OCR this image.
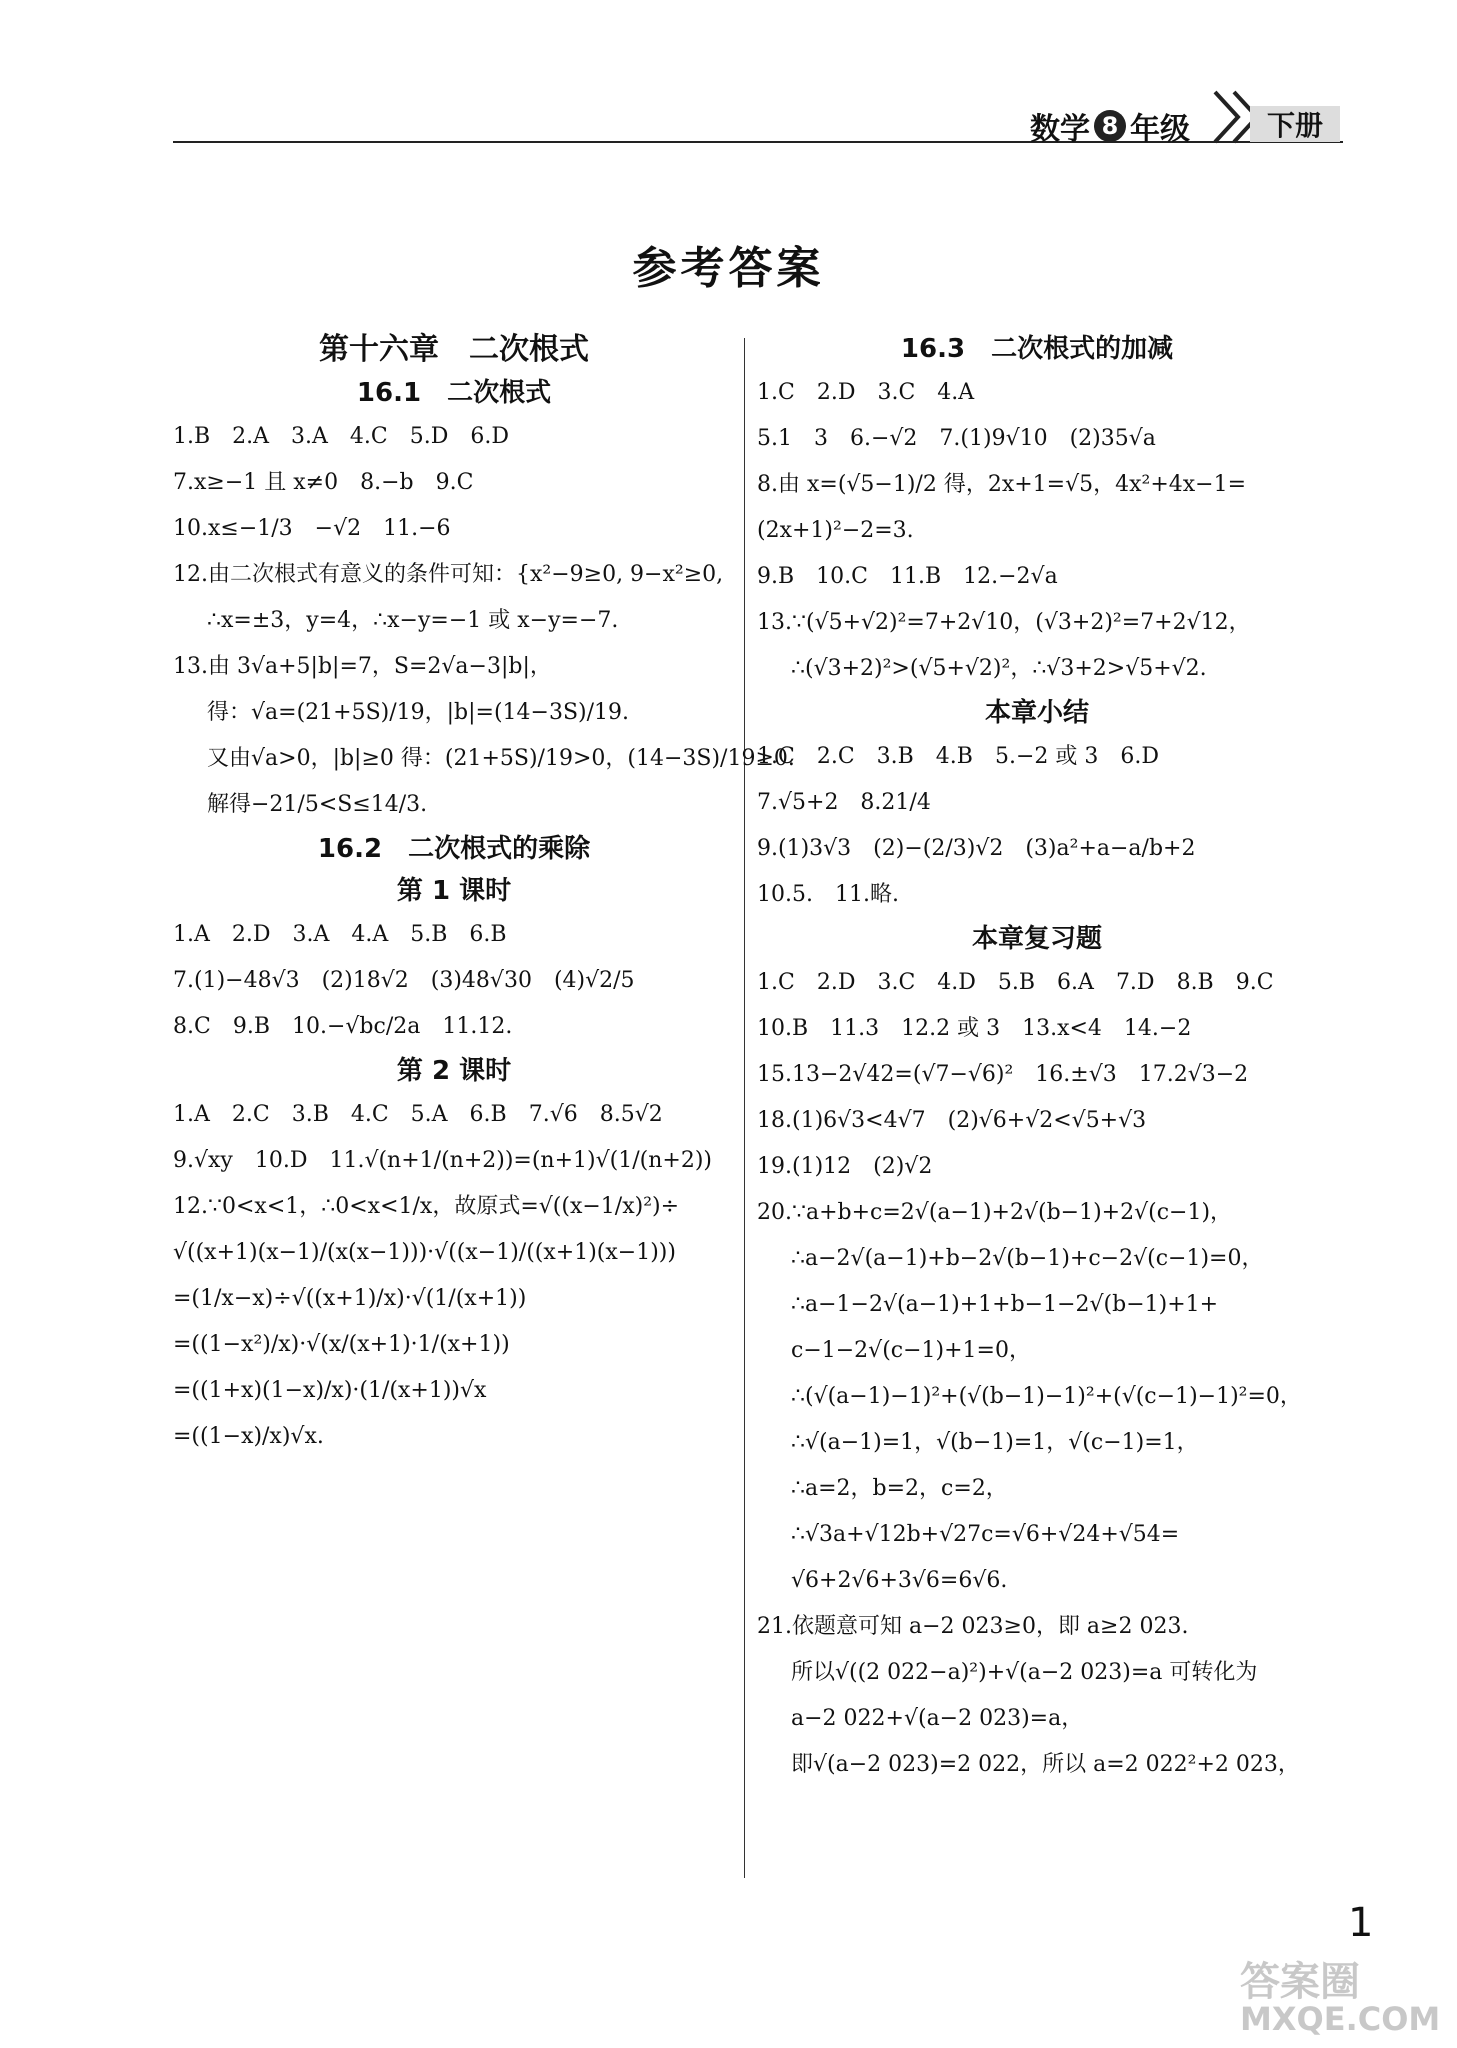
数学 8 年级	下册
参考答案
第十六章　二次根式
16.1　二次根式
1.B　2.A　3.A　4.C　5.D　6.D
7.x≥−1 且 x≠0　8.−b　9.C
10.x≤−1/3　−√2　11.−6
12.由二次根式有意义的条件可知：{x²−9≥0, 9−x²≥0,
∴x=±3，y=4，∴x−y=−1 或 x−y=−7.
13.由 3√a+5|b|=7，S=2√a−3|b|，
得：√a=(21+5S)/19，|b|=(14−3S)/19.
又由√a>0，|b|≥0 得：(21+5S)/19>0，(14−3S)/19≥0.
解得−21/5<S≤14/3.
16.2　二次根式的乘除
第 1 课时
1.A　2.D　3.A　4.A　5.B　6.B
7.(1)−48√3　(2)18√2　(3)48√30　(4)√2/5
8.C　9.B　10.−√bc/2a　11.12.
第 2 课时
1.A　2.C　3.B　4.C　5.A　6.B　7.√6　8.5√2
9.√xy　10.D　11.√(n+1/(n+2))=(n+1)√(1/(n+2))
12.∵0<x<1，∴0<x<1/x，故原式=√((x−1/x)²)÷
√((x+1)(x−1)/(x(x−1)))·√((x−1)/((x+1)(x−1)))
=(1/x−x)÷√((x+1)/x)·√(1/(x+1))
=((1−x²)/x)·√(x/(x+1)·1/(x+1))
=((1+x)(1−x)/x)·(1/(x+1))√x
=((1−x)/x)√x.
16.3　二次根式的加减
1.C　2.D　3.C　4.A
5.1　3　6.−√2　7.(1)9√10　(2)35√a
8.由 x=(√5−1)/2 得，2x+1=√5，4x²+4x−1=
(2x+1)²−2=3.
9.B　10.C　11.B　12.−2√a
13.∵(√5+√2)²=7+2√10，(√3+2)²=7+2√12，
∴(√3+2)²>(√5+√2)²，∴√3+2>√5+√2.
本章小结
1.C　2.C　3.B　4.B　5.−2 或 3　6.D
7.√5+2　8.21/4
9.(1)3√3　(2)−(2/3)√2　(3)a²+a−a/b+2
10.5.　11.略.
本章复习题
1.C　2.D　3.C　4.D　5.B　6.A　7.D　8.B　9.C
10.B　11.3　12.2 或 3　13.x<4　14.−2
15.13−2√42=(√7−√6)²　16.±√3　17.2√3−2
18.(1)6√3<4√7　(2)√6+√2<√5+√3
19.(1)12　(2)√2
20.∵a+b+c=2√(a−1)+2√(b−1)+2√(c−1)，
∴a−2√(a−1)+b−2√(b−1)+c−2√(c−1)=0，
∴a−1−2√(a−1)+1+b−1−2√(b−1)+1+
c−1−2√(c−1)+1=0，
∴(√(a−1)−1)²+(√(b−1)−1)²+(√(c−1)−1)²=0，
∴√(a−1)=1，√(b−1)=1，√(c−1)=1，
∴a=2，b=2，c=2，
∴√3a+√12b+√27c=√6+√24+√54=
√6+2√6+3√6=6√6.
21.依题意可知 a−2 023≥0，即 a≥2 023.
所以√((2 022−a)²)+√(a−2 023)=a 可转化为
a−2 022+√(a−2 023)=a，
即√(a−2 023)=2 022，所以 a=2 022²+2 023，
1
答案圈
MXQE.COM
